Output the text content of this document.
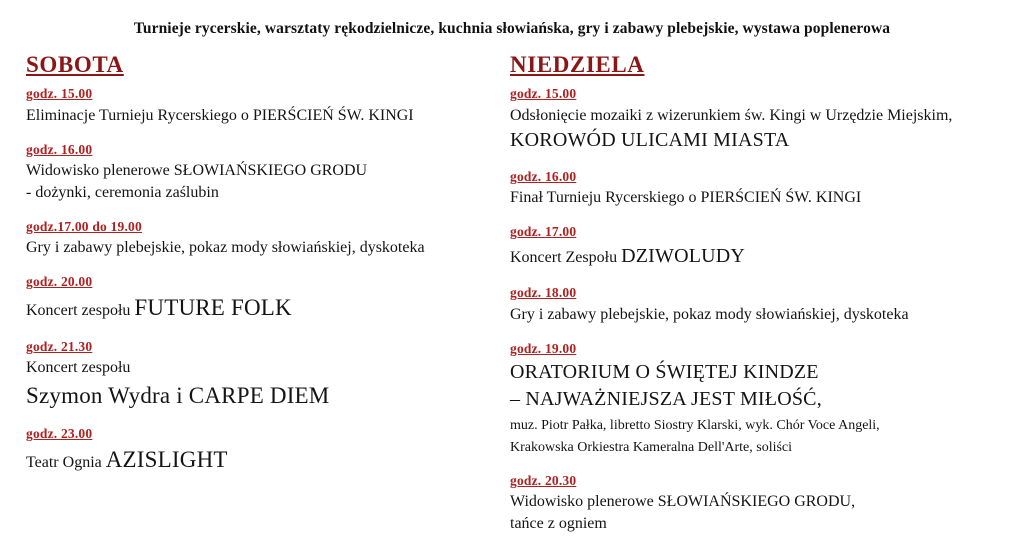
Turnieje rycerskie, warsztaty rękodzielnicze, kuchnia słowiańska, gry i zabawy plebejskie, wystawa poplenerowa
SOBOTA
godz. 15.00
Eliminacje Turnieju Rycerskiego o PIERŚCIEŃ ŚW. KINGI
godz. 16.00
Widowisko plenerowe SŁOWIAŃSKIEGO GRODU
- dożynki, ceremonia zaślubin
godz.17.00 do 19.00
Gry i zabawy plebejskie, pokaz mody słowiańskiej, dyskoteka
godz. 20.00
Koncert zespołu FUTURE FOLK
godz. 21.30
Koncert zespołu
Szymon Wydra i CARPE DIEM
godz. 23.00
Teatr Ognia AZISLIGHT
NIEDZIELA
godz. 15.00
Odsłonięcie mozaiki z wizerunkiem św. Kingi w Urzędzie Miejskim,
KOROWÓD ULICAMI MIASTA
godz. 16.00
Finał Turnieju Rycerskiego o PIERŚCIEŃ ŚW. KINGI
godz. 17.00
Koncert Zespołu DZIWOLUDY
godz. 18.00
Gry i zabawy plebejskie, pokaz mody słowiańskiej, dyskoteka
godz. 19.00
ORATORIUM O ŚWIĘTEJ KINDZE
– NAJWAŻNIEJSZA JEST MIŁOŚĆ,
muz. Piotr Pałka, libretto Siostry Klarski, wyk. Chór Voce Angeli,
Krakowska Orkiestra Kameralna Dell'Arte, soliści
godz. 20.30
Widowisko plenerowe SŁOWIAŃSKIEGO GRODU,
tańce z ogniem
